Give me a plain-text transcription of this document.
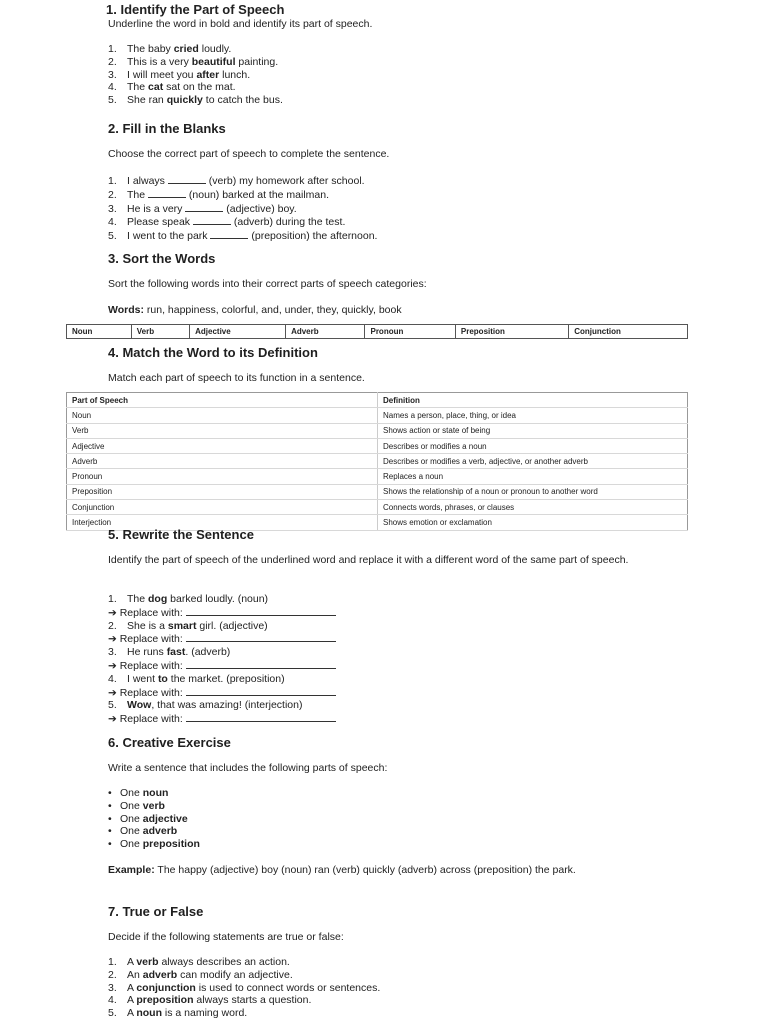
1. Identify the Part of Speech

Underline the word in bold and identify its part of speech.

1. The baby cried loudly.
2. This is a very beautiful painting.
3. I will meet you after lunch.
4. The cat sat on the mat.
5. She ran quickly to catch the bus.
2. Fill in the Blanks

Choose the correct part of speech to complete the sentence.

1. I always	(verb) my homework after school.
2. The	(noun) barked at the mailman.
3. He is a very	(adjective) boy.
4. Please speak	(adverb) during the test.
5. I went to the park	(preposition) the afternoon.
3. Sort the Words

Sort the following words into their correct parts of speech categories:

Words: run, happiness, colorful, and, under, they, quickly, book

Noun	Verb	Adjective	Adverb	Pronoun	Preposition	Conjunction
4. Match the Word to its Definition

Match each part of speech to its function in a sentence.

Part of Speech	Definition
Noun	Names a person, place, thing, or idea
Verb	Shows action or state of being
Adjective	Describes or modifies a noun
Adverb	Describes or modifies a verb, adjective, or another adverb
Pronoun	Replaces a noun
Preposition	Shows the relationship of a noun or pronoun to another word
Conjunction	Connects words, phrases, or clauses
Interjection	Shows emotion or exclamation
5. Rewrite the Sentence

Identify the part of speech of the underlined word and replace it with a different word of the same part of speech.

1. The dog barked loudly. (noun)
➔ Replace with:
2. She is a smart girl. (adjective)
➔ Replace with:
3. He runs fast. (adverb)
➔ Replace with:
4. I went to the market. (preposition)
➔ Replace with:
5. Wow, that was amazing! (interjection)
➔ Replace with:
6. Creative Exercise

Write a sentence that includes the following parts of speech:

• One noun
• One verb
• One adjective
• One adverb
• One preposition

Example: The happy (adjective) boy (noun) ran (verb) quickly (adverb) across (preposition) the park.

7. True or False

Decide if the following statements are true or false:

1. A verb always describes an action.
2. An adverb can modify an adjective.
3. A conjunction is used to connect words or sentences.
4. A preposition always starts a question.
5. A noun is a naming word.
